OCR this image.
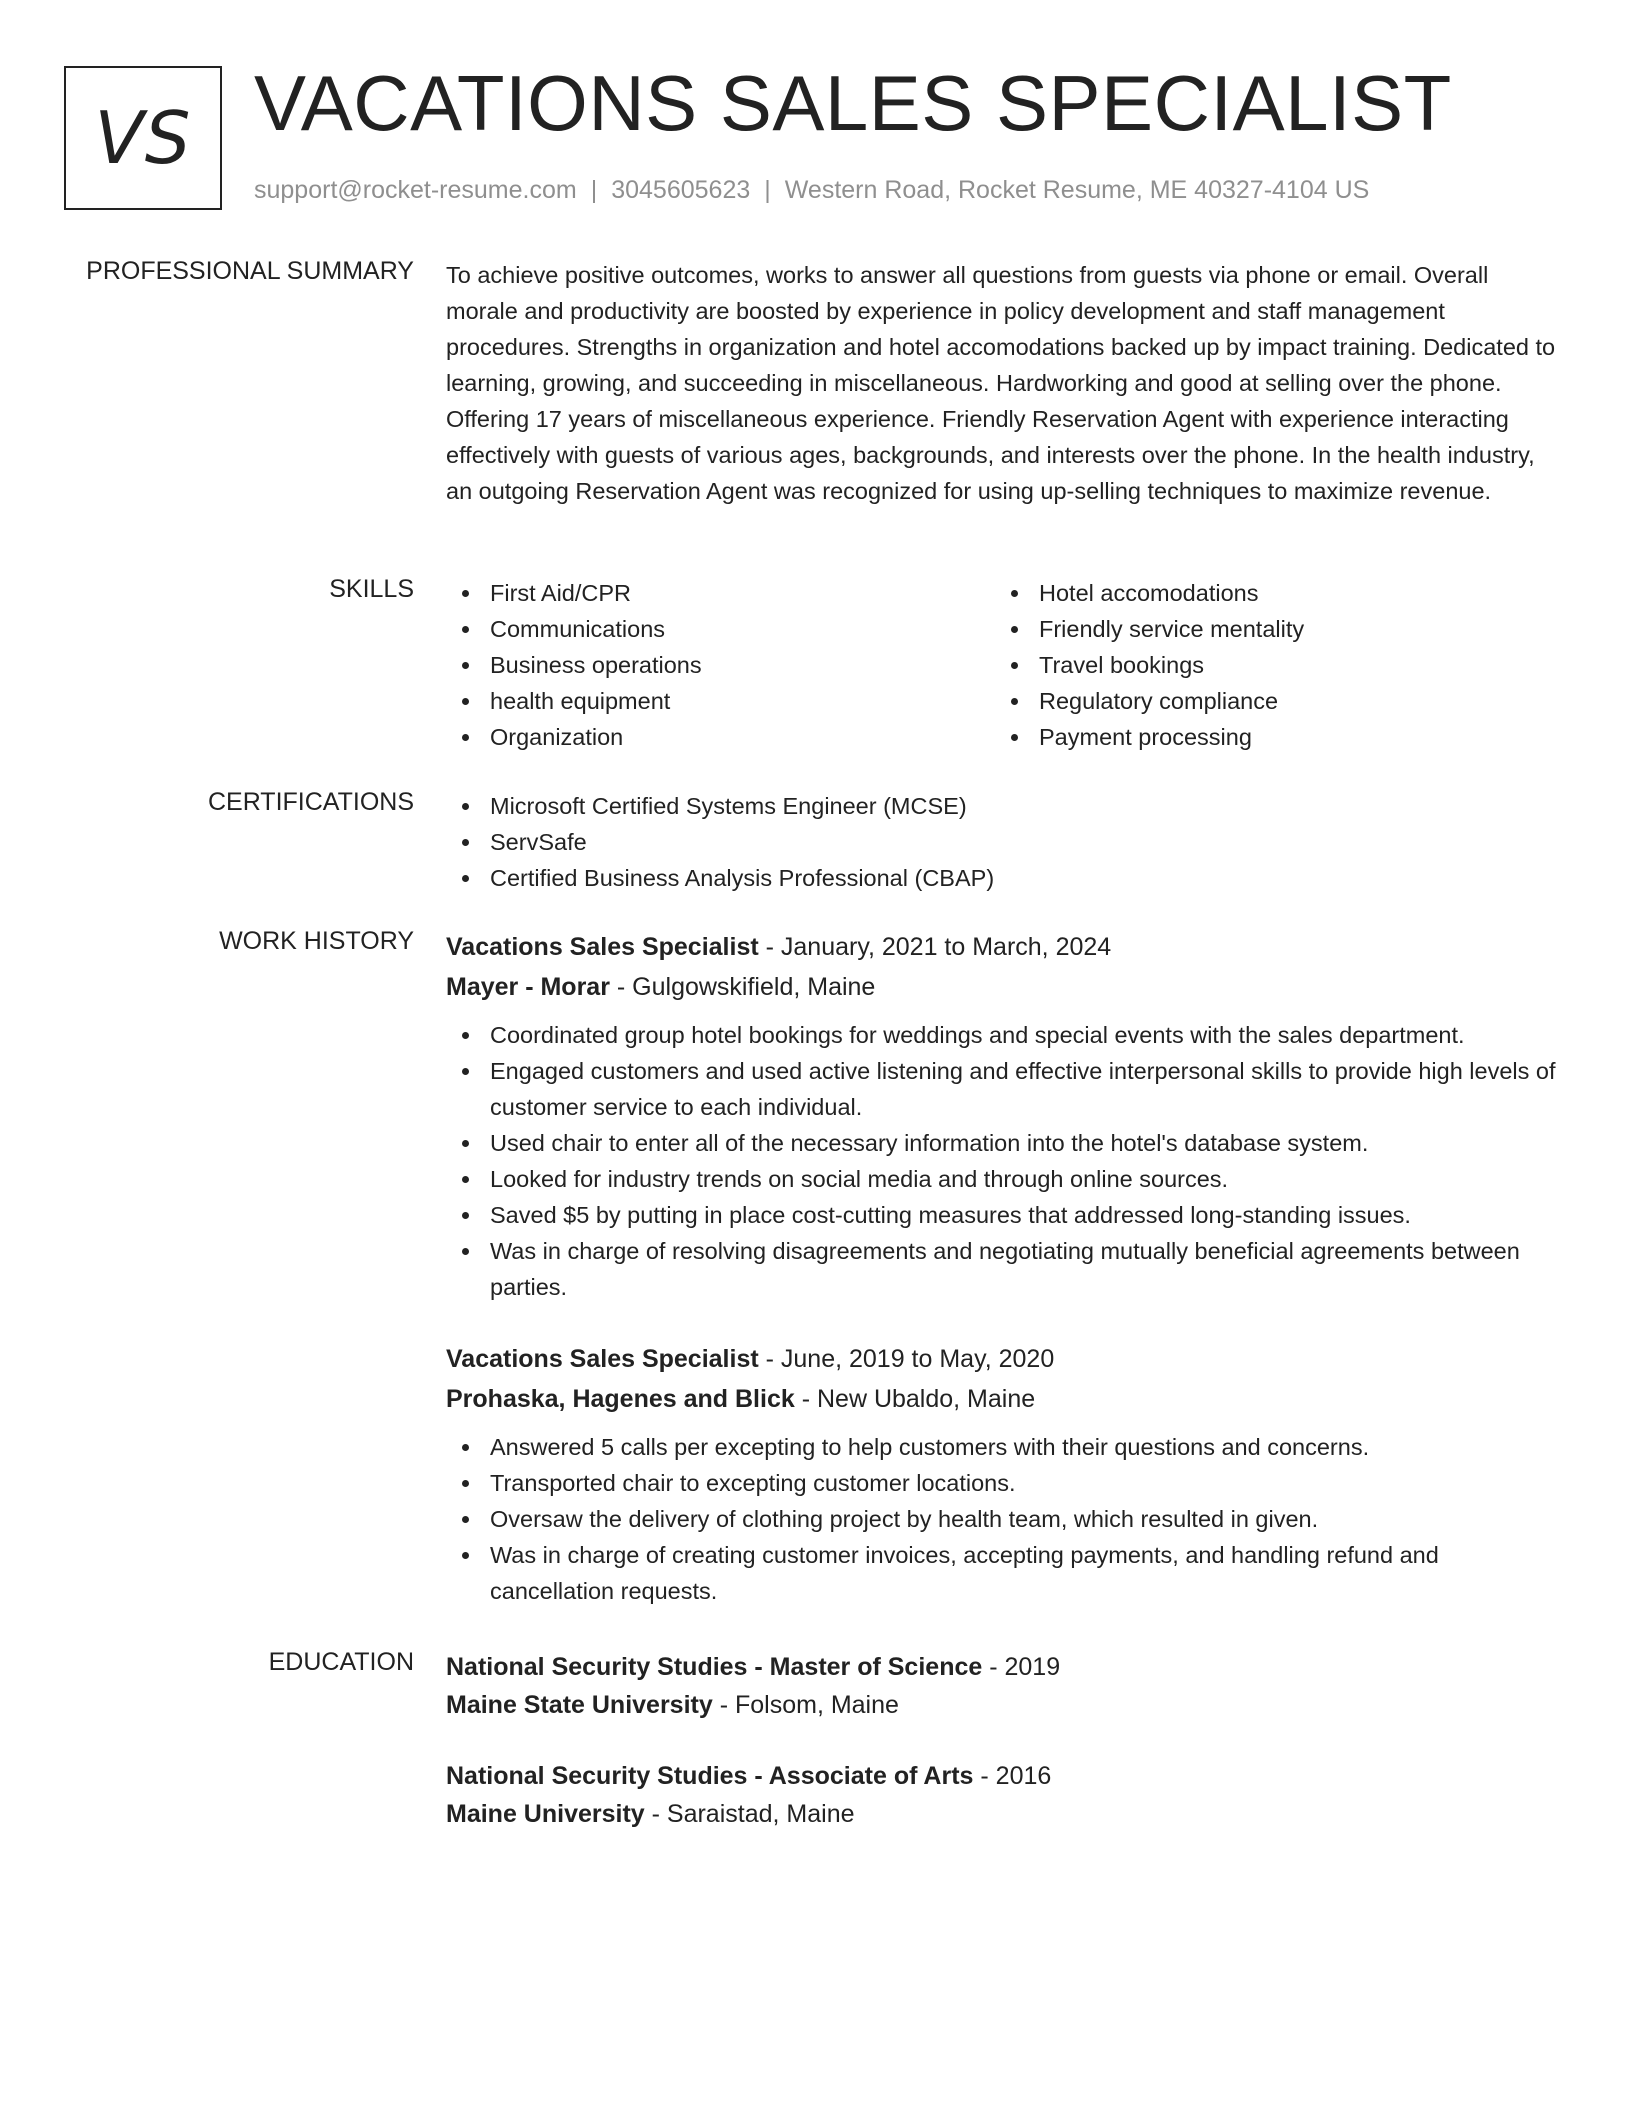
VS VACATIONS SALES SPECIALIST
support@rocket-resume.com | 3045605623 | Western Road, Rocket Resume, ME 40327-4104 US
PROFESSIONAL SUMMARY To achieve positive outcomes, works to answer all questions from guests via phone or email. Overall morale and productivity are boosted by experience in policy development and staff management procedures. Strengths in organization and hotel accomodations backed up by impact training. Dedicated to learning, growing, and succeeding in miscellaneous. Hardworking and good at selling over the phone. Offering 17 years of miscellaneous experience. Friendly Reservation Agent with experience interacting effectively with guests of various ages, backgrounds, and interests over the phone. In the health industry, an outgoing Reservation Agent was recognized for using up-selling techniques to maximize revenue.
SKILLS	First Aid/CPR
Communications
Business operations
health equipment
Organization
Hotel accomodations
Friendly service mentality
Travel bookings
Regulatory compliance
Payment processing
CERTIFICATIONS	Microsoft Certified Systems Engineer (MCSE)
ServSafe
Certified Business Analysis Professional (CBAP)
WORK HISTORY Vacations Sales Specialist - January, 2021 to March, 2024
Mayer - Morar - Gulgowskifield, Maine
Coordinated group hotel bookings for weddings and special events with the sales department.
Engaged customers and used active listening and effective interpersonal skills to provide high levels of customer service to each individual.
Used chair to enter all of the necessary information into the hotel's database system.
Looked for industry trends on social media and through online sources.
Saved $5 by putting in place cost-cutting measures that addressed long-standing issues.
Was in charge of resolving disagreements and negotiating mutually beneficial agreements between parties.
Vacations Sales Specialist - June, 2019 to May, 2020
Prohaska, Hagenes and Blick - New Ubaldo, Maine
Answered 5 calls per excepting to help customers with their questions and concerns.
Transported chair to excepting customer locations.
Oversaw the delivery of clothing project by health team, which resulted in given.
Was in charge of creating customer invoices, accepting payments, and handling refund and cancellation requests.
EDUCATION National Security Studies - Master of Science - 2019
Maine State University - Folsom, Maine
National Security Studies - Associate of Arts - 2016
Maine University - Saraistad, Maine
